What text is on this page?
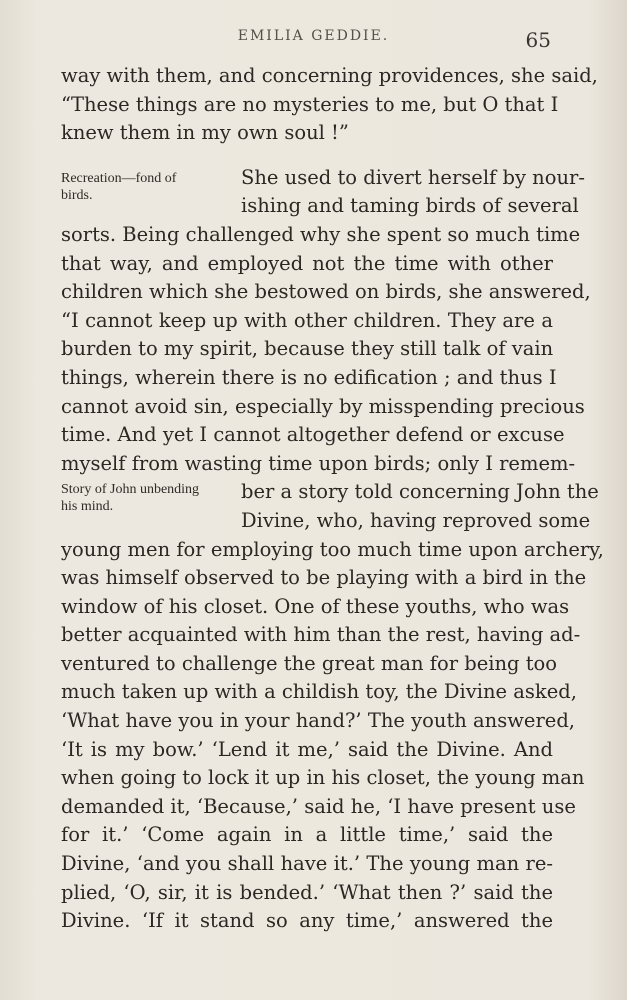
EMILIA GEDDIE.	65
Recreation—fond of birds.
Story of John unbending his mind.
way with them, and concerning providences, she said,
“These things are no mysteries to me, but O that I
knew them in my own soul !”
She used to divert herself by nour-
ishing and taming birds of several
sorts. Being challenged why she spent so much time
that way, and employed not the time with other
children which she bestowed on birds, she answered,
“I cannot keep up with other children. They are a
burden to my spirit, because they still talk of vain
things, wherein there is no edification ; and thus I
cannot avoid sin, especially by misspending precious
time. And yet I cannot altogether defend or excuse
myself from wasting time upon birds; only I remem-
ber a story told concerning John the
Divine, who, having reproved some
young men for employing too much time upon archery,
was himself observed to be playing with a bird in the
window of his closet. One of these youths, who was
better acquainted with him than the rest, having ad-
ventured to challenge the great man for being too
much taken up with a childish toy, the Divine asked,
‘What have you in your hand?’ The youth answered,
‘It is my bow.’ ‘Lend it me,’ said the Divine. And
when going to lock it up in his closet, the young man
demanded it, ‘Because,’ said he, ‘I have present use
for it.’ ‘Come again in a little time,’ said the
Divine, ‘and you shall have it.’ The young man re-
plied, ‘O, sir, it is bended.’ ‘What then ?’ said the
Divine. ‘If it stand so any time,’ answered the
